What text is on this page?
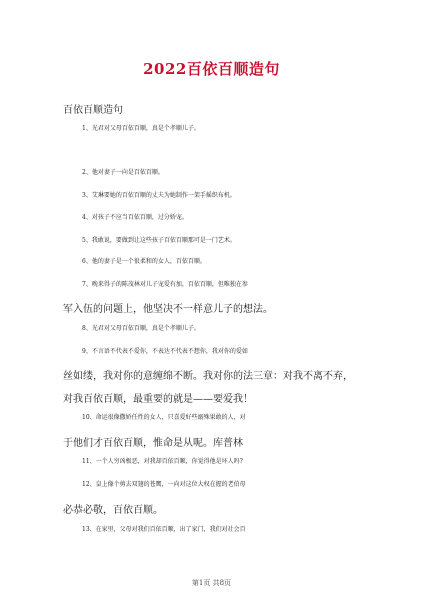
2022百依百顺造句
百依百顺造句
1、光君对父母百依百顺，真是个孝顺儿子。
2、他对妻子一向是百依百顺。
3、艾琳要她的百依百顺的丈夫为她制作一架手摇织布机。
4、对孩子不应当百依百顺，过分娇宠。
5、我敢说，要做到让这些孩子百依百顺那可是一门艺术。
6、他的妻子是一个很柔和的女人，百依百顺。
7、晚来得子的陈茂林对儿子宠爱有加，百依百顺，但唯独在参
军入伍的问题上，他坚决不一样意儿子的想法。
8、光君对父母百依百顺，真是个孝顺儿子。
9、不言语不代表不爱你，不表达不代表不想你，我对你的爱如
丝如缕，我对你的意缠绵不断。我对你的法三章：对我不离不弃，
对我百依百顺，最重要的就是——要爱我！
10、命运很像撒娇任性的女人，只喜爱好些溺殊果敢的人，对
于他们才百依百顺，惟命是从呢。库普林
11、一个人穷凶极恶，对我却百依百顺，你觉得他是坏人吗?
12、皇上像个剪去双翅的苍鹰，一向对这位大权在握的老伯母
必恭必敬，百依百顺。
13、在家里，父母对我们百依百顺，出了家门，我们对社会百
第1页 共8页
